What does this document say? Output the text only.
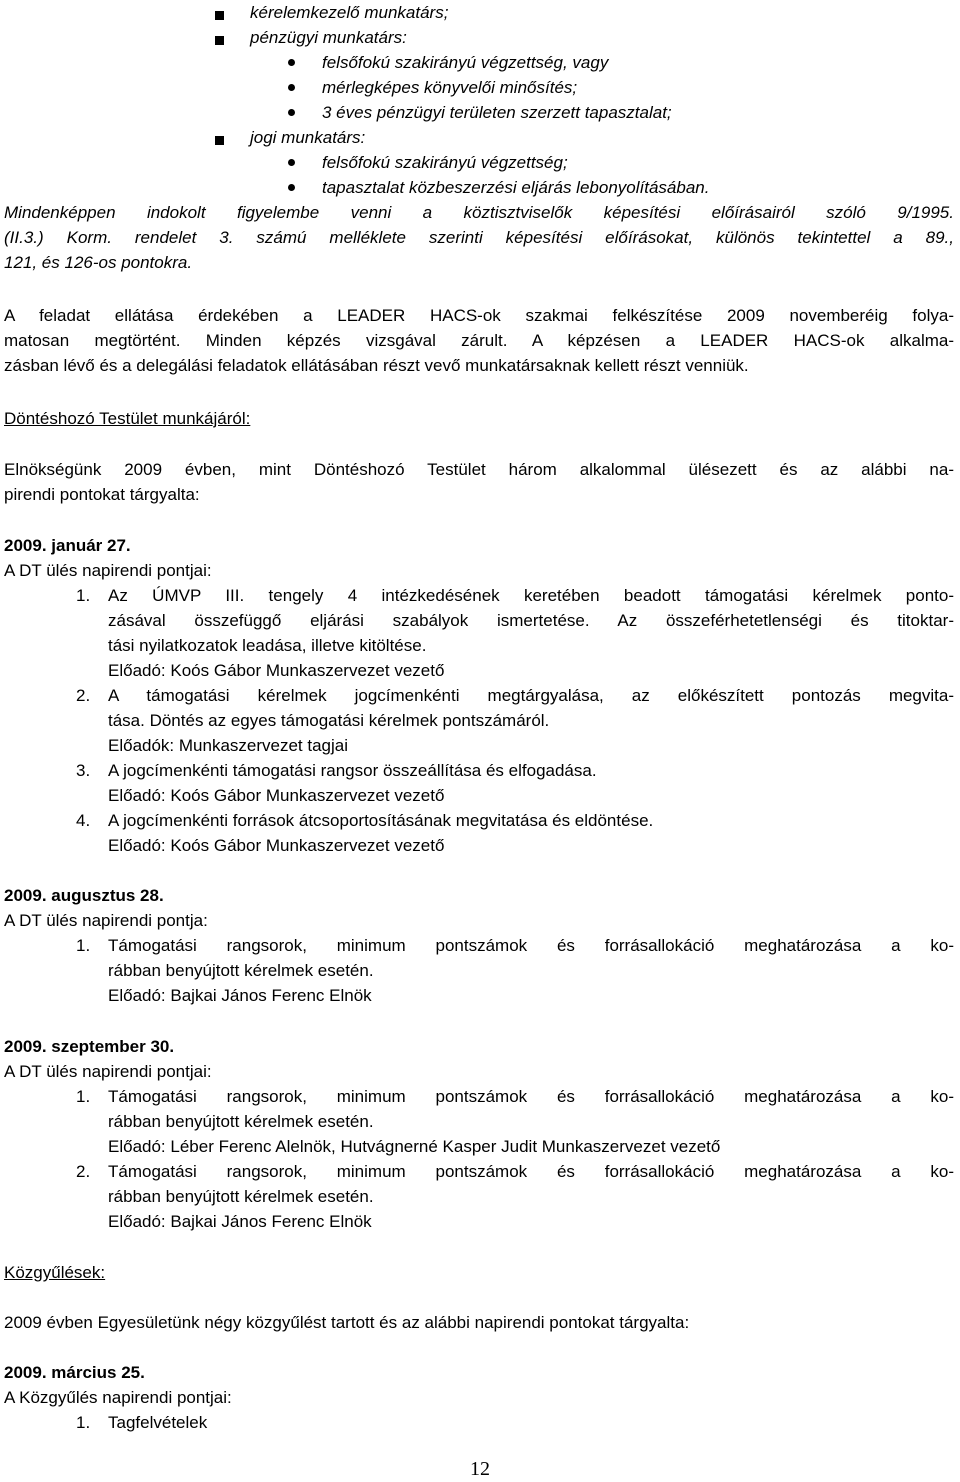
kérelemkezelő munkatárs;
pénzügyi munkatárs:
felsőfokú szakirányú végzettség, vagy
mérlegképes könyvelői minősítés;
3 éves pénzügyi területen szerzett tapasztalat;
jogi munkatárs:
felsőfokú szakirányú végzettség;
tapasztalat közbeszerzési eljárás lebonyolításában.
Mindenképpen indokolt figyelembe venni a köztisztviselők képesítési előírásairól szóló 9/1995.
(II.3.) Korm. rendelet 3. számú melléklete szerinti képesítési előírásokat, különös tekintettel a 89.,
121, és 126-os pontokra.
A feladat ellátása érdekében a LEADER HACS-ok szakmai felkészítése 2009 novemberéig folya-
matosan megtörtént. Minden képzés vizsgával zárult. A képzésen a LEADER HACS-ok alkalma-
zásban lévő és a delegálási feladatok ellátásában részt vevő munkatársaknak kellett részt venniük.
Döntéshozó Testület munkájáról:
Elnökségünk 2009 évben, mint Döntéshozó Testület három alkalommal ülésezett és az alábbi na-
pirendi pontokat tárgyalta:
2009. január 27.
A DT ülés napirendi pontjai:
1. Az ÚMVP III. tengely 4 intézkedésének keretében beadott támogatási kérelmek ponto-
zásával összefüggő eljárási szabályok ismertetése. Az összeférhetetlenségi és titoktar-
tási nyilatkozatok leadása, illetve kitöltése.
Előadó: Koós Gábor Munkaszervezet vezető
2. A támogatási kérelmek jogcímenkénti megtárgyalása, az előkészített pontozás megvita-
tása. Döntés az egyes támogatási kérelmek pontszámáról.
Előadók: Munkaszervezet tagjai
3. A jogcímenkénti támogatási rangsor összeállítása és elfogadása.
Előadó: Koós Gábor Munkaszervezet vezető
4. A jogcímenkénti források átcsoportosításának megvitatása és eldöntése.
Előadó: Koós Gábor Munkaszervezet vezető
2009. augusztus 28.
A DT ülés napirendi pontja:
1. Támogatási rangsorok, minimum pontszámok és forrásallokáció meghatározása a ko-
rábban benyújtott kérelmek esetén.
Előadó: Bajkai János Ferenc Elnök
2009. szeptember 30.
A DT ülés napirendi pontjai:
1. Támogatási rangsorok, minimum pontszámok és forrásallokáció meghatározása a ko-
rábban benyújtott kérelmek esetén.
Előadó: Léber Ferenc Alelnök, Hutvágnerné Kasper Judit Munkaszervezet vezető
2. Támogatási rangsorok, minimum pontszámok és forrásallokáció meghatározása a ko-
rábban benyújtott kérelmek esetén.
Előadó: Bajkai János Ferenc Elnök
Közgyűlések:
2009 évben Egyesületünk négy közgyűlést tartott és az alábbi napirendi pontokat tárgyalta:
2009. március 25.
A Közgyűlés napirendi pontjai:
1. Tagfelvételek
12
